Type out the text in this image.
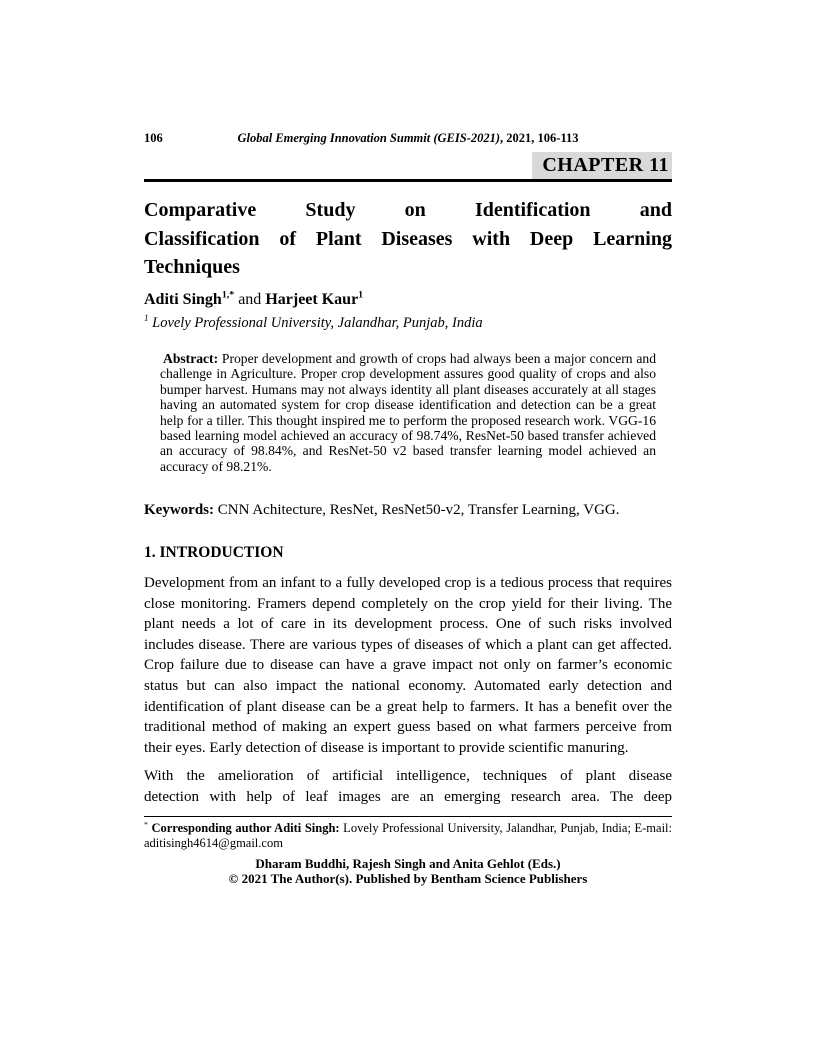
106	Global Emerging Innovation Summit (GEIS-2021), 2021, 106-113
CHAPTER 11
Comparative Study on Identification and
Classification of Plant Diseases with Deep Learning
Techniques
Aditi Singh$^{1,*}$ and Harjeet Kaur$^1$
$^1$ Lovely Professional University, Jalandhar, Punjab, India
Abstract: Proper development and growth of crops had always been a major concern and challenge in Agriculture. Proper crop development assures good quality of crops and also bumper harvest. Humans may not always identity all plant diseases accurately at all stages having an automated system for crop disease identification and detection can be a great help for a tiller. This thought inspired me to perform the proposed research work. VGG-16 based learning model achieved an accuracy of 98.74%, ResNet-50 based transfer achieved an accuracy of 98.84%, and ResNet-50 v2 based transfer learning model achieved an accuracy of 98.21%.
Keywords: CNN Achitecture, ResNet, ResNet50-v2, Transfer Learning, VGG.
1. INTRODUCTION
Development from an infant to a fully developed crop is a tedious process that requires close monitoring. Framers depend completely on the crop yield for their living. The plant needs a lot of care in its development process. One of such risks involved includes disease. There are various types of diseases of which a plant can get affected. Crop failure due to disease can have a grave impact not only on farmer’s economic status but can also impact the national economy. Automated early detection and identification of plant disease can be a great help to farmers. It has a benefit over the traditional method of making an expert guess based on what farmers perceive from their eyes. Early detection of disease is important to provide scientific manuring.
With the amelioration of artificial intelligence, techniques of plant disease
detection with help of leaf images are an emerging research area. The deep
* Corresponding author Aditi Singh: Lovely Professional University, Jalandhar, Punjab, India; E-mail: aditisingh4614@gmail.com
Dharam Buddhi, Rajesh Singh and Anita Gehlot (Eds.)
© 2021 The Author(s). Published by Bentham Science Publishers
